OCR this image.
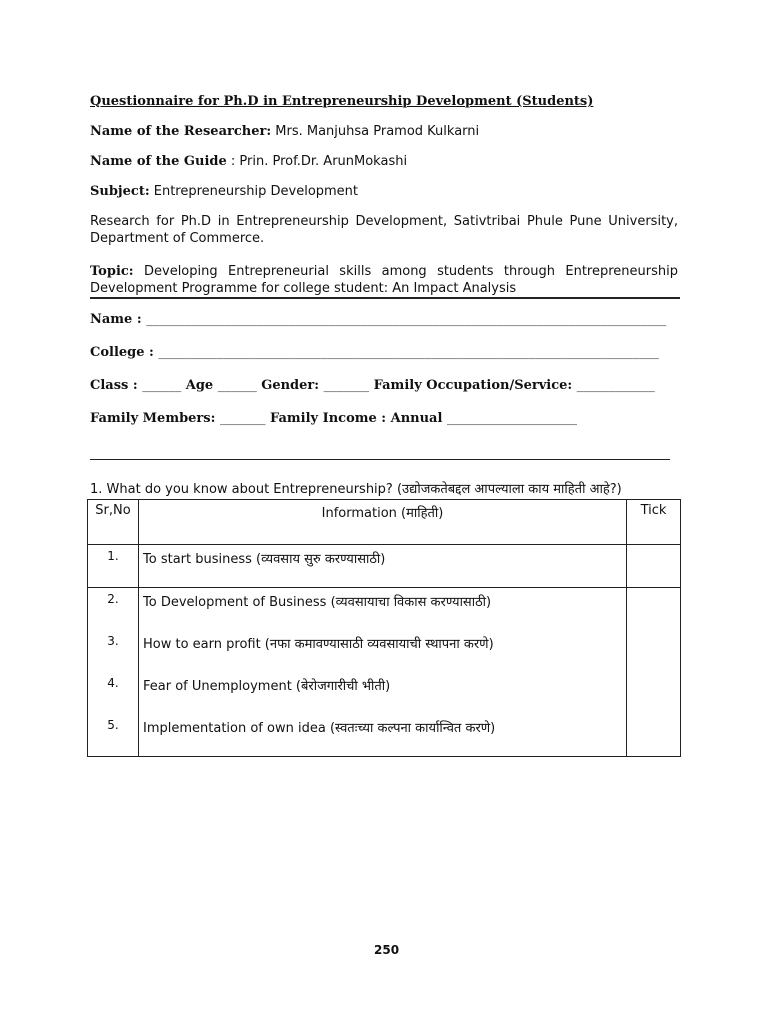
Questionnaire for Ph.D in Entrepreneurship Development (Students)
Name of the Researcher: Mrs. Manjuhsa Pramod Kulkarni
Name of the Guide : Prin. Prof.Dr. ArunMokashi
Subject: Entrepreneurship Development
Research for Ph.D in Entrepreneurship Development, Sativtribai Phule Pune University, Department of Commerce.
Topic: Developing Entrepreneurial skills among students through Entrepreneurship Development Programme for college student: An Impact Analysis
Name : ________________________________________________________________________________
College : _____________________________________________________________________________
Class : ______ Age ______ Gender: _______ Family Occupation/Service: ____________
Family Members: _______ Family Income : Annual ____________________
1. What do you know about Entrepreneurship? (उद्योजकतेबद्दल आपल्याला काय माहिती आहे?)
Sr,No	Information (माहिती)	Tick
1.	To start business (व्यवसाय सुरु करण्यासाठी)	
2.	To Development of Business (व्यवसायाचा विकास करण्यासाठी)	
3.	How to earn profit (नफा कमावण्यासाठी व्यवसायाची स्थापना करणे)	
4.	Fear of Unemployment (बेरोजगारीची भीती)	
5.	Implementation of own idea (स्वतःच्या कल्पना कार्यान्वित करणे)	
250
